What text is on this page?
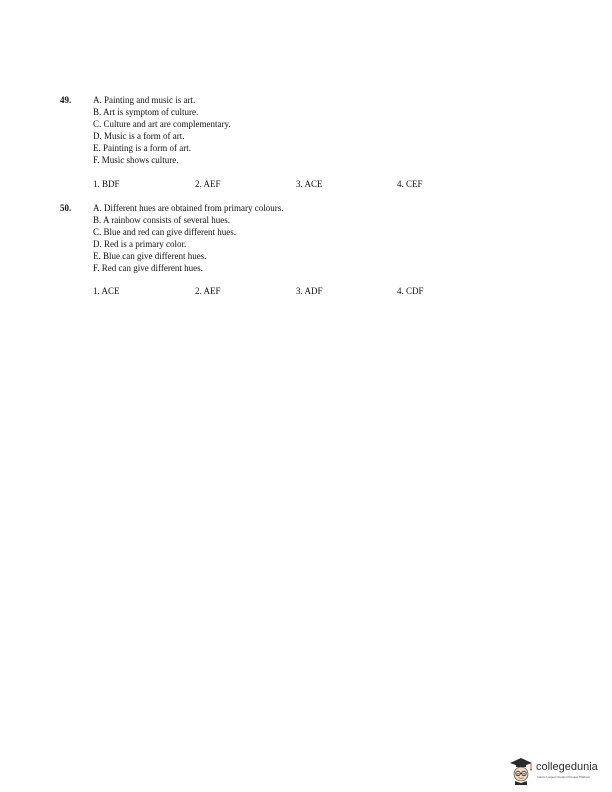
49. A. Painting and music is art.
B. Art is symptom of culture.
C. Culture and art are complementary.
D. Music is a form of art.
E. Painting is a form of art.
F. Music shows culture.
1. BDF	2. AEF	3. ACE	4. CEF
50. A. Different hues are obtained from primary colours.
B. A rainbow consists of several hues.
C. Blue and red can give different hues.
D. Red is a primary color.
E. Blue can give different hues.
F. Red can give different hues.
1. ACE	2. AEF	3. ADF	4. CDF
collegedunia
India's Largest Student Review Platform
